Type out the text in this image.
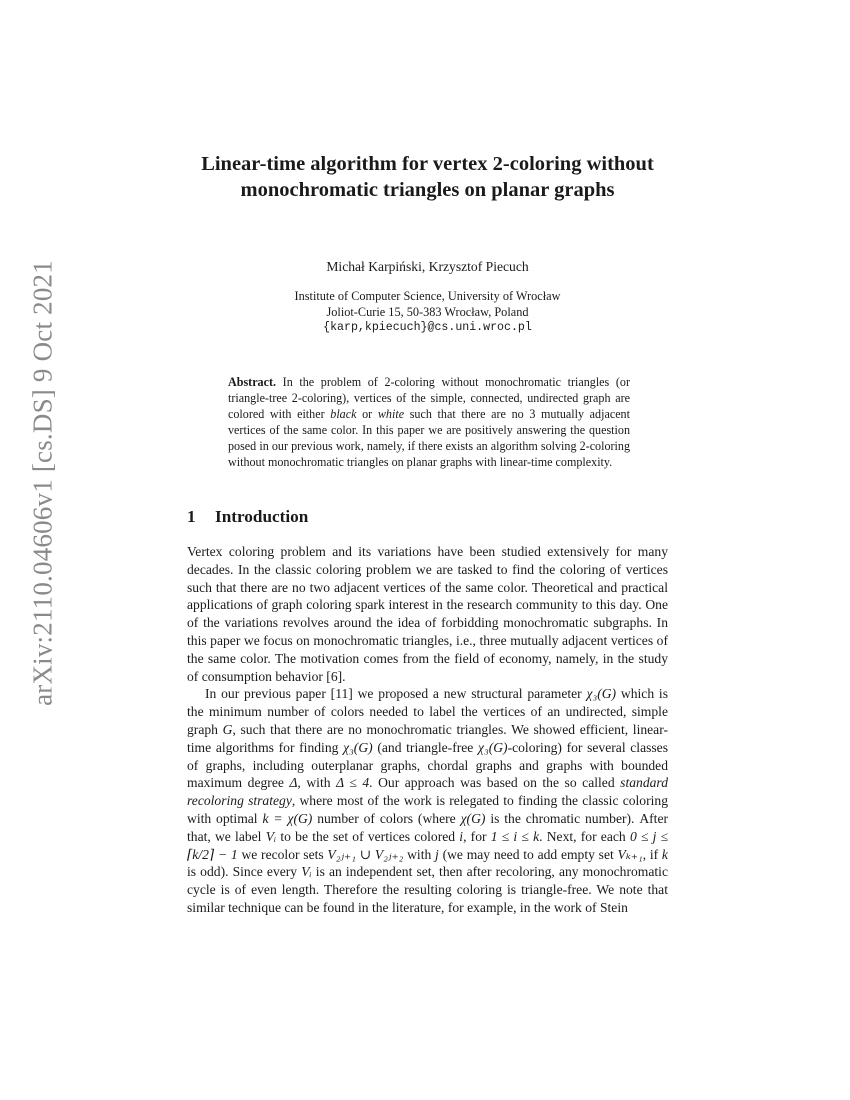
arXiv:2110.04606v1 [cs.DS] 9 Oct 2021
Linear-time algorithm for vertex 2-coloring without monochromatic triangles on planar graphs
Michał Karpiński, Krzysztof Piecuch
Institute of Computer Science, University of Wrocław
Joliot-Curie 15, 50-383 Wrocław, Poland
{karp,kpiecuch}@cs.uni.wroc.pl
Abstract. In the problem of 2-coloring without monochromatic triangles (or triangle-tree 2-coloring), vertices of the simple, connected, undirected graph are colored with either black or white such that there are no 3 mutually adjacent vertices of the same color. In this paper we are positively answering the question posed in our previous work, namely, if there exists an algorithm solving 2-coloring without monochromatic triangles on planar graphs with linear-time complexity.
1 Introduction

Vertex coloring problem and its variations have been studied extensively for many decades. In the classic coloring problem we are tasked to find the coloring of vertices such that there are no two adjacent vertices of the same color. Theoretical and practical applications of graph coloring spark interest in the research community to this day. One of the variations revolves around the idea of forbidding monochromatic subgraphs. In this paper we focus on monochromatic triangles, i.e., three mutually adjacent vertices of the same color. The motivation comes from the field of economy, namely, in the study of consumption behavior [6].

In our previous paper [11] we proposed a new structural parameter χ₃(G) which is the minimum number of colors needed to label the vertices of an undirected, simple graph G, such that there are no monochromatic triangles. We showed efficient, linear-time algorithms for finding χ₃(G) (and triangle-free χ₃(G)-coloring) for several classes of graphs, including outerplanar graphs, chordal graphs and graphs with bounded maximum degree Δ, with Δ ≤ 4. Our approach was based on the so called standard recoloring strategy, where most of the work is relegated to finding the classic coloring with optimal k = χ(G) number of colors (where χ(G) is the chromatic number). After that, we label Vᵢ to be the set of vertices colored i, for 1 ≤ i ≤ k. Next, for each 0 ≤ j ≤ ⌈k/2⌉ − 1 we recolor sets V₂ⱼ₊₁ ∪ V₂ⱼ₊₂ with j (we may need to add empty set Vₖ₊₁, if k is odd). Since every Vᵢ is an independent set, then after recoloring, any monochromatic cycle is of even length. Therefore the resulting coloring is triangle-free. We note that similar technique can be found in the literature, for example, in the work of Stein
